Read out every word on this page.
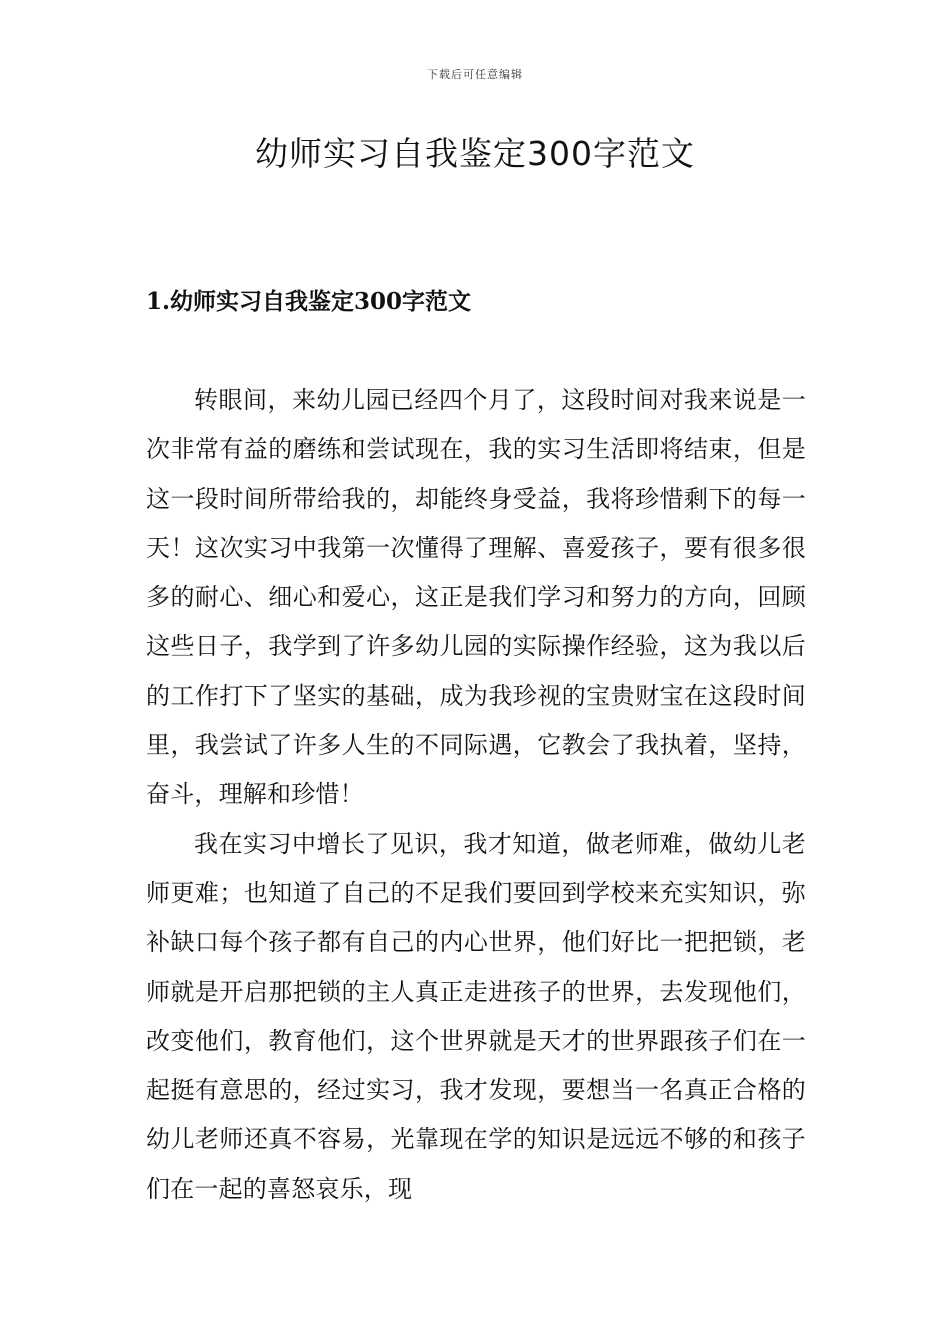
下载后可任意编辑
幼师实习自我鉴定300字范文
1.幼师实习自我鉴定300字范文

转眼间，来幼儿园已经四个月了，这段时间对我来说是一次非常有益的磨练和尝试现在，我的实习生活即将结束，但是这一段时间所带给我的，却能终身受益，我将珍惜剩下的每一天！这次实习中我第一次懂得了理解、喜爱孩子，要有很多很多的耐心、细心和爱心，这正是我们学习和努力的方向，回顾这些日子，我学到了许多幼儿园的实际操作经验，这为我以后的工作打下了坚实的基础，成为我珍视的宝贵财宝在这段时间里，我尝试了许多人生的不同际遇，它教会了我执着，坚持，奋斗，理解和珍惜！

我在实习中增长了见识，我才知道，做老师难，做幼儿老师更难；也知道了自己的不足我们要回到学校来充实知识，弥补缺口每个孩子都有自己的内心世界，他们好比一把把锁，老师就是开启那把锁的主人真正走进孩子的世界，去发现他们，改变他们，教育他们，这个世界就是天才的世界跟孩子们在一起挺有意思的，经过实习，我才发现，要想当一名真正合格的幼儿老师还真不容易，光靠现在学的知识是远远不够的和孩子们在一起的喜怒哀乐，现
